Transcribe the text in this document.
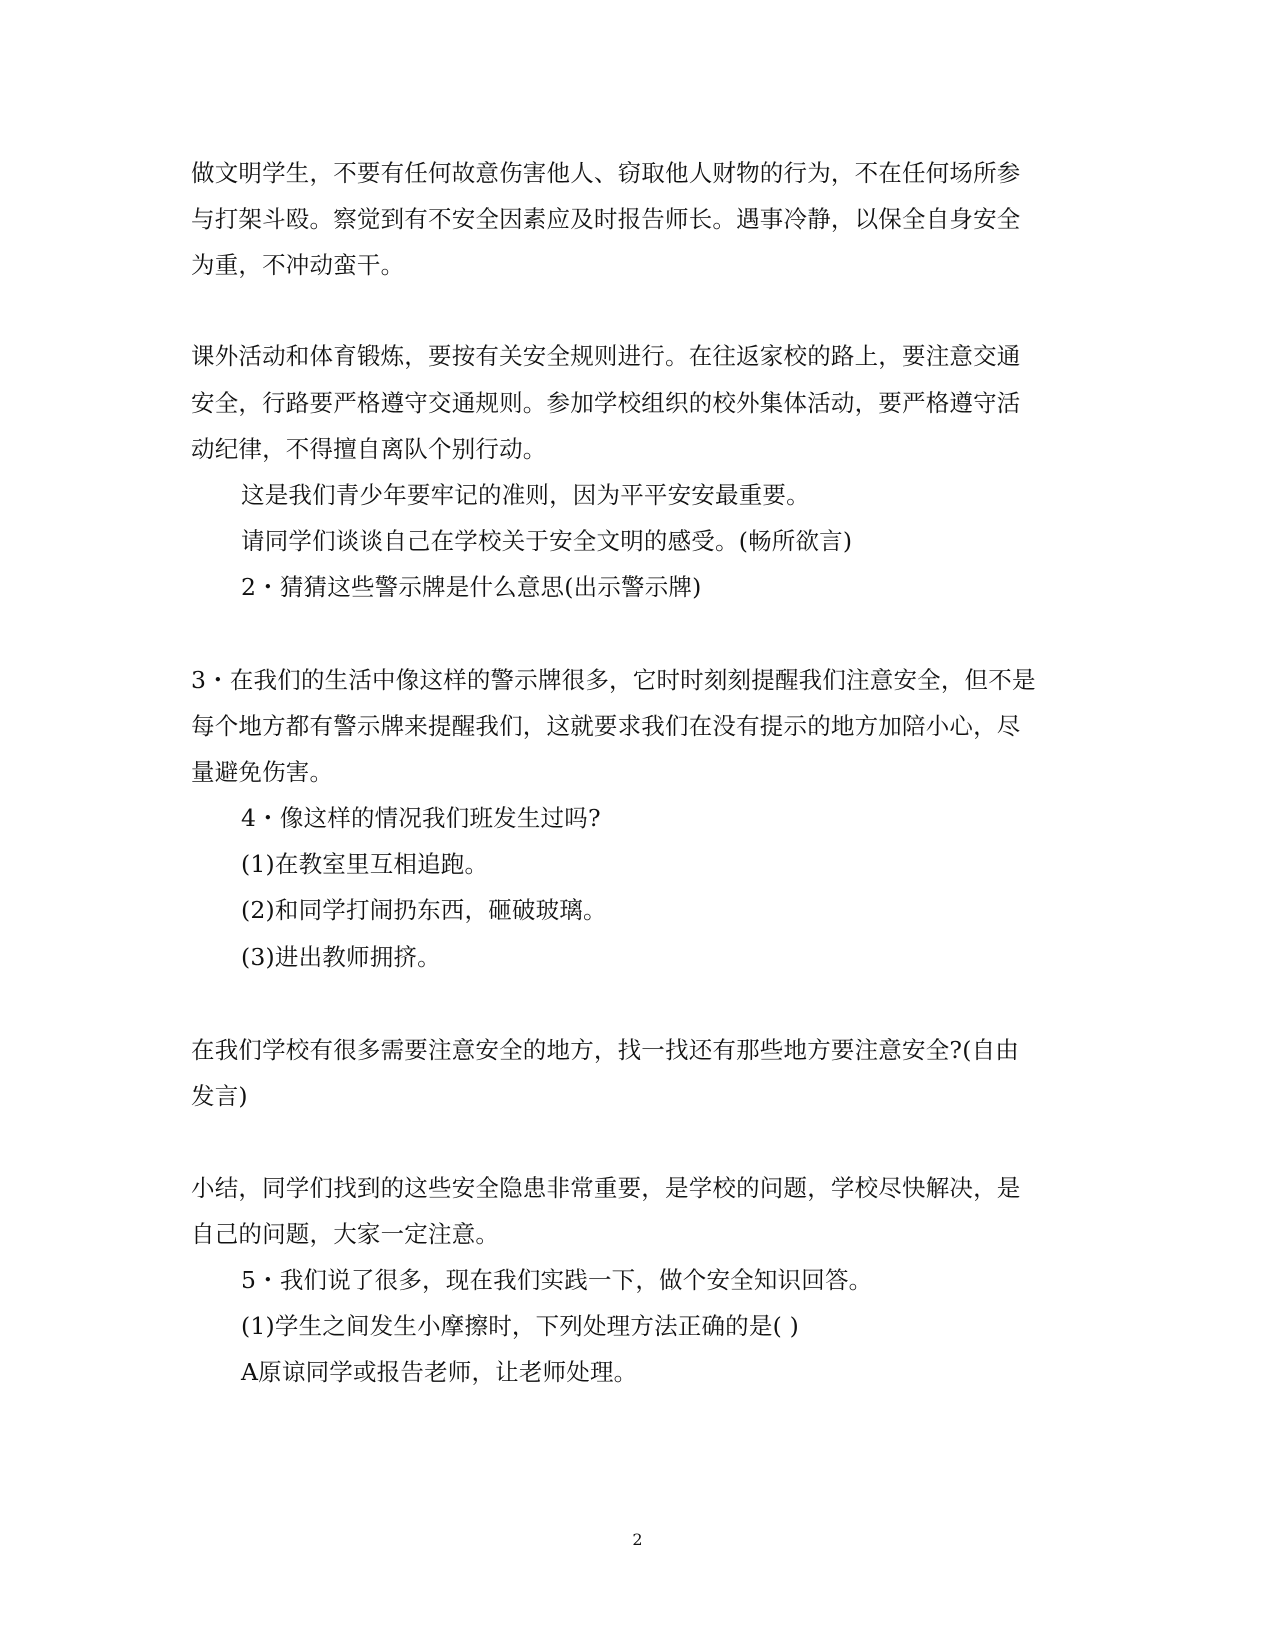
做文明学生，不要有任何故意伤害他人、窃取他人财物的行为，不在任何场所参
与打架斗殴。察觉到有不安全因素应及时报告师长。遇事冷静，以保全自身安全
为重，不冲动蛮干。
课外活动和体育锻炼，要按有关安全规则进行。在往返家校的路上，要注意交通
安全，行路要严格遵守交通规则。参加学校组织的校外集体活动，要严格遵守活
动纪律，不得擅自离队个别行动。
这是我们青少年要牢记的准则，因为平平安安最重要。
请同学们谈谈自己在学校关于安全文明的感受。(畅所欲言)
2・猜猜这些警示牌是什么意思(出示警示牌)
3・在我们的生活中像这样的警示牌很多，它时时刻刻提醒我们注意安全，但不是
每个地方都有警示牌来提醒我们，这就要求我们在没有提示的地方加陪小心，尽
量避免伤害。
4・像这样的情况我们班发生过吗?
(1)在教室里互相追跑。
(2)和同学打闹扔东西，砸破玻璃。
(3)进出教师拥挤。
在我们学校有很多需要注意安全的地方，找一找还有那些地方要注意安全?(自由
发言)
小结，同学们找到的这些安全隐患非常重要，是学校的问题，学校尽快解决，是
自己的问题，大家一定注意。
5・我们说了很多，现在我们实践一下，做个安全知识回答。
(1)学生之间发生小摩擦时，下列处理方法正确的是( )
A原谅同学或报告老师，让老师处理。
2
